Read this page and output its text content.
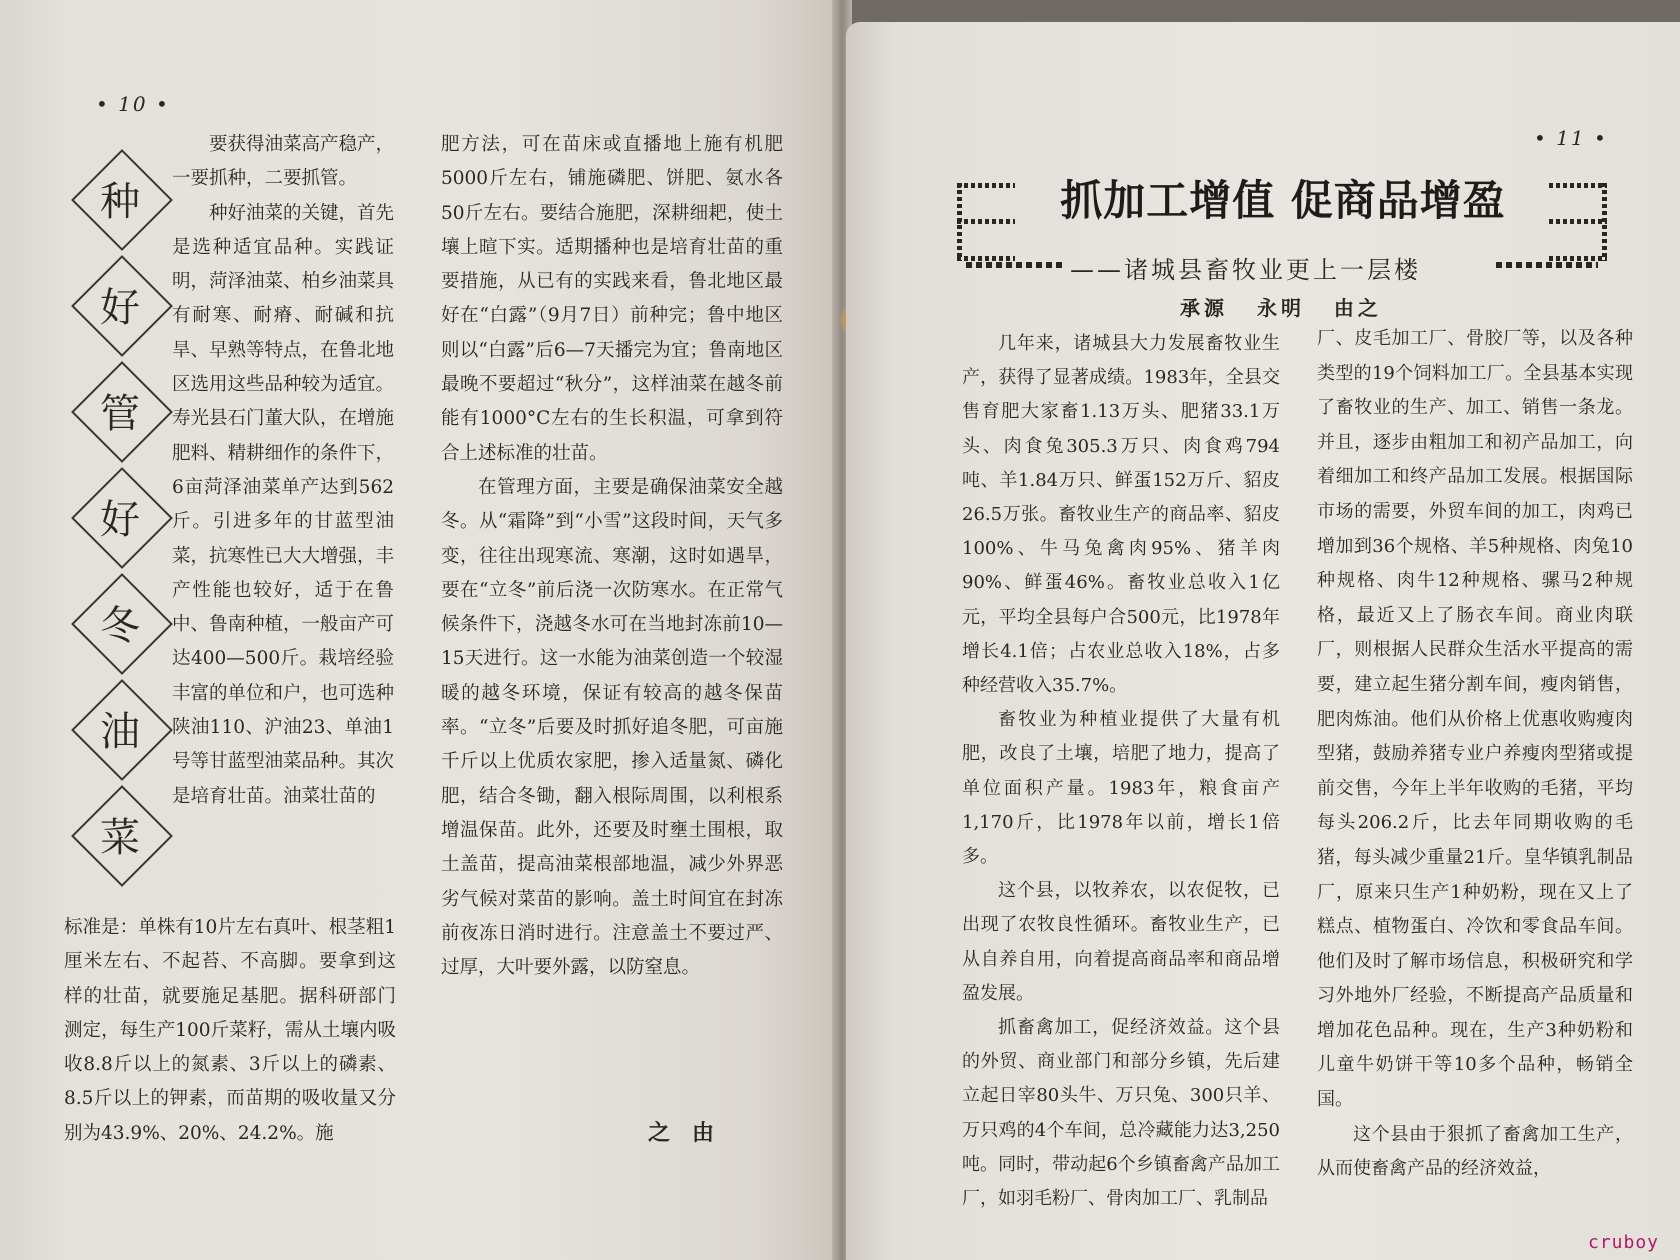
• 10 •
种
好
管
好
冬
油
菜

要获得油菜高产稳产，一要抓种，二要抓管。

种好油菜的关键，首先是选种适宜品种。实践证明，菏泽油菜、柏乡油菜具有耐寒、耐瘠、耐碱和抗旱、早熟等特点，在鲁北地区选用这些品种较为适宜。寿光县石门董大队，在增施肥料、精耕细作的条件下，6亩菏泽油菜单产达到562斤。引进多年的甘蓝型油菜，抗寒性已大大增强，丰产性能也较好，适于在鲁中、鲁南种植，一般亩产可达400—500斤。栽培经验丰富的单位和户，也可选种陕油110、沪油23、单油1号等甘蓝型油菜品种。其次是培育壮苗。油菜壮苗的

标准是：单株有10片左右真叶、根茎粗1厘米左右、不起苔、不高脚。要拿到这样的壮苗，就要施足基肥。据科研部门测定，每生产100斤菜籽，需从土壤内吸收8.8斤以上的氮素、3斤以上的磷素、8.5斤以上的钾素，而苗期的吸收量又分别为43.9%、20%、24.2%。施

肥方法，可在苗床或直播地上施有机肥5000斤左右，铺施磷肥、饼肥、氨水各50斤左右。要结合施肥，深耕细耙，使土壤上暄下实。适期播种也是培育壮苗的重要措施，从已有的实践来看，鲁北地区最好在“白露”（9月7日）前种完；鲁中地区则以“白露”后6—7天播完为宜；鲁南地区最晚不要超过“秋分”，这样油菜在越冬前能有1000°C左右的生长积温，可拿到符合上述标准的壮苗。

在管理方面，主要是确保油菜安全越冬。从“霜降”到“小雪”这段时间，天气多变，往往出现寒流、寒潮，这时如遇旱，要在“立冬”前后浇一次防寒水。在正常气候条件下，浇越冬水可在当地封冻前10—15天进行。这一水能为油菜创造一个较湿暖的越冬环境，保证有较高的越冬保苗率。“立冬”后要及时抓好追冬肥，可亩施千斤以上优质农家肥，掺入适量氮、磷化肥，结合冬锄，翻入根际周围，以利根系增温保苗。此外，还要及时壅土围根，取土盖苗，提高油菜根部地温，减少外界恶劣气候对菜苗的影响。盖土时间宜在封冻前夜冻日消时进行。注意盖土不要过严、过厚，大叶要外露，以防窒息。

之由
• 11 •
抓加工增值 促商品增盈
——诸城县畜牧业更上一层楼
承源 永明 由之

几年来，诸城县大力发展畜牧业生产，获得了显著成绩。1983年，全县交售育肥大家畜1.13万头、肥猪33.1万头、肉食兔305.3万只、肉食鸡794吨、羊1.84万只、鲜蛋152万斤、貂皮26.5万张。畜牧业生产的商品率、貂皮100%、牛马兔禽肉95%、猪羊肉90%、鲜蛋46%。畜牧业总收入1亿元，平均全县每户合500元，比1978年增长4.1倍；占农业总收入18%，占多种经营收入35.7%。

畜牧业为种植业提供了大量有机肥，改良了土壤，培肥了地力，提高了单位面积产量。1983年，粮食亩产1,170斤，比1978年以前，增长1倍多。

这个县，以牧养农，以农促牧，已出现了农牧良性循环。畜牧业生产，已从自养自用，向着提高商品率和商品增盈发展。

抓畜禽加工，促经济效益。这个县的外贸、商业部门和部分乡镇，先后建立起日宰80头牛、万只兔、300只羊、万只鸡的4个车间，总冷藏能力达3,250吨。同时，带动起6个乡镇畜禽产品加工厂，如羽毛粉厂、骨肉加工厂、乳制品

厂、皮毛加工厂、骨胶厂等，以及各种类型的19个饲料加工厂。全县基本实现了畜牧业的生产、加工、销售一条龙。并且，逐步由粗加工和初产品加工，向着细加工和终产品加工发展。根据国际市场的需要，外贸车间的加工，肉鸡已增加到36个规格、羊5种规格、肉兔10种规格、肉牛12种规格、骡马2种规格，最近又上了肠衣车间。商业肉联厂，则根据人民群众生活水平提高的需要，建立起生猪分割车间，瘦肉销售，肥肉炼油。他们从价格上优惠收购瘦肉型猪，鼓励养猪专业户养瘦肉型猪或提前交售，今年上半年收购的毛猪，平均每头206.2斤，比去年同期收购的毛猪，每头减少重量21斤。皇华镇乳制品厂，原来只生产1种奶粉，现在又上了糕点、植物蛋白、冷饮和零食品车间。他们及时了解市场信息，积极研究和学习外地外厂经验，不断提高产品质量和增加花色品种。现在，生产3种奶粉和儿童牛奶饼干等10多个品种，畅销全国。

这个县由于狠抓了畜禽加工生产，从而使畜禽产品的经济效益，

cruboy
